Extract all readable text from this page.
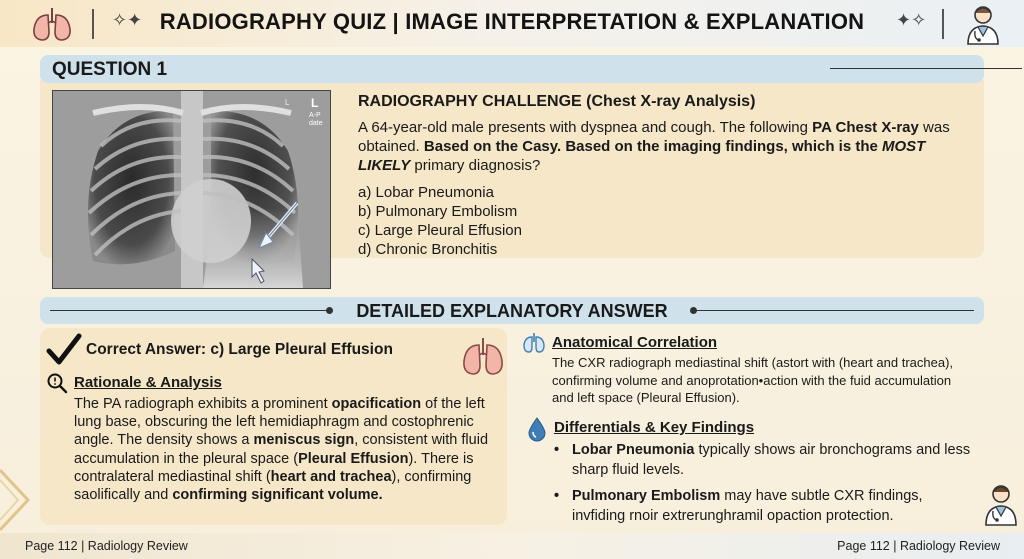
✧✦ RADIOGRAPHY QUIZ | IMAGE INTERPRETATION & EXPLANATION	✦✧
QUESTION 1
L L
A-P
date
RADIOGRAPHY CHALLENGE (Chest X-ray Analysis)
A 64-year-old male presents with dyspnea and cough. The following PA Chest X-ray was obtained. Based on the Casy. Based on the imaging findings, which is the MOST LIKELY primary diagnosis?
a) Lobar Pneumonia
b) Pulmonary Embolism
c) Large Pleural Effusion
d) Chronic Bronchitis
DETAILED EXPLANATORY ANSWER
Correct Answer: c) Large Pleural Effusion
Rationale & Analysis
The PA radiograph exhibits a prominent opacification of the left lung base, obscuring the left hemidiaphragm and costophrenic angle. The density shows a meniscus sign, consistent with fluid accumulation in the pleural space (Pleural Effusion). There is contralateral mediastinal shift (heart and trachea), confirming saolifically and confirming significant volume.
Anatomical Correlation
The CXR radiograph mediastinal shift (astort with (heart and trachea), confirming volume and anoprotation•action with the fuid accumulation and left space (Pleural Effusion).
Differentials & Key Findings
• Lobar Pneumonia typically shows air bronchograms and less sharp fluid levels.
• Pulmonary Embolism may have subtle CXR findings, invfiding rnoir extrerunghramil opaction protection.
Page 112 | Radiology Review	Page 112 | Radiology Review
